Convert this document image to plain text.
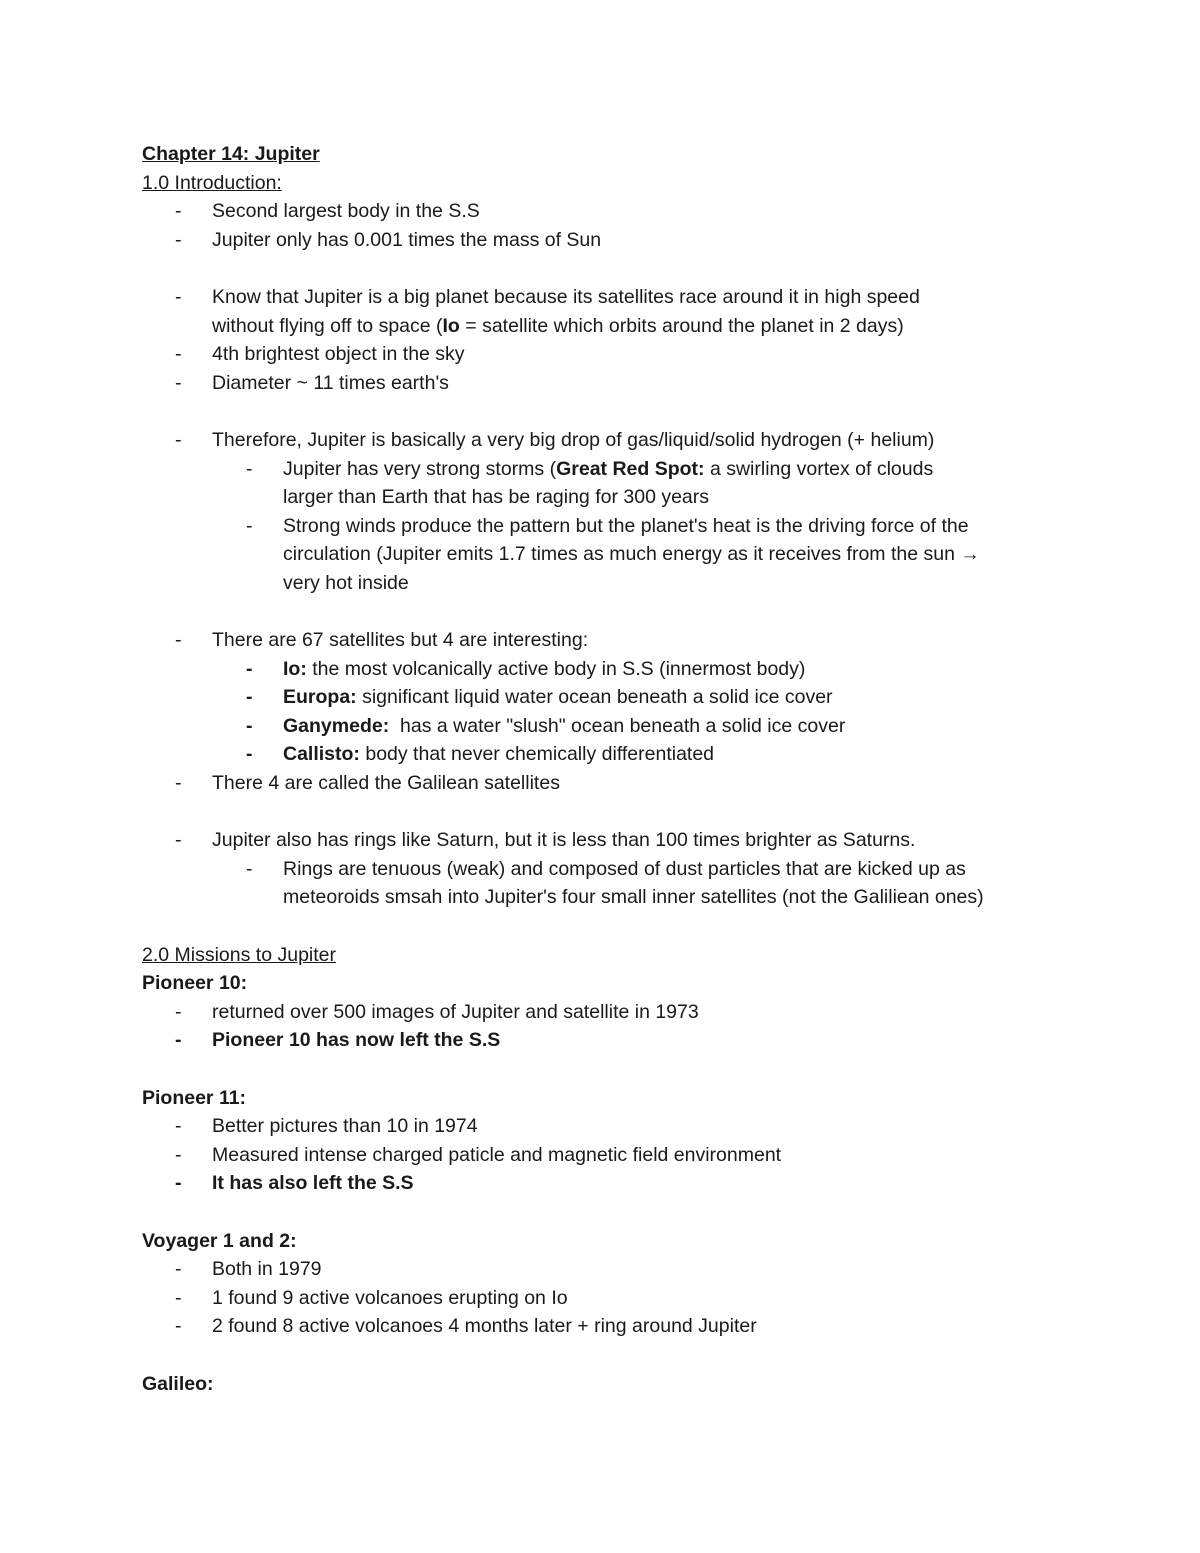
Chapter 14: Jupiter
1.0 Introduction:
-	Second largest body in the S.S
-	Jupiter only has 0.001 times the mass of Sun
-	Know that Jupiter is a big planet because its satellites race around it in high speed
without flying off to space (Io = satellite which orbits around the planet in 2 days)
-	4th brightest object in the sky
-	Diameter ~ 11 times earth's
-	Therefore, Jupiter is basically a very big drop of gas/liquid/solid hydrogen (+ helium)
-	Jupiter has very strong storms (Great Red Spot: a swirling vortex of clouds
larger than Earth that has be raging for 300 years
-	Strong winds produce the pattern but the planet's heat is the driving force of the
circulation (Jupiter emits 1.7 times as much energy as it receives from the sun →
very hot inside
-	There are 67 satellites but 4 are interesting:
-	Io: the most volcanically active body in S.S (innermost body)
-	Europa: significant liquid water ocean beneath a solid ice cover
-	Ganymede:  has a water "slush" ocean beneath a solid ice cover
-	Callisto: body that never chemically differentiated
-	There 4 are called the Galilean satellites
-	Jupiter also has rings like Saturn, but it is less than 100 times brighter as Saturns.
-	Rings are tenuous (weak) and composed of dust particles that are kicked up as
meteoroids smsah into Jupiter's four small inner satellites (not the Galiliean ones)
2.0 Missions to Jupiter
Pioneer 10:
-	returned over 500 images of Jupiter and satellite in 1973
-	Pioneer 10 has now left the S.S
Pioneer 11:
-	Better pictures than 10 in 1974
-	Measured intense charged paticle and magnetic field environment
-	It has also left the S.S
Voyager 1 and 2:
-	Both in 1979
-	1 found 9 active volcanoes erupting on Io
-	2 found 8 active volcanoes 4 months later + ring around Jupiter
Galileo:
